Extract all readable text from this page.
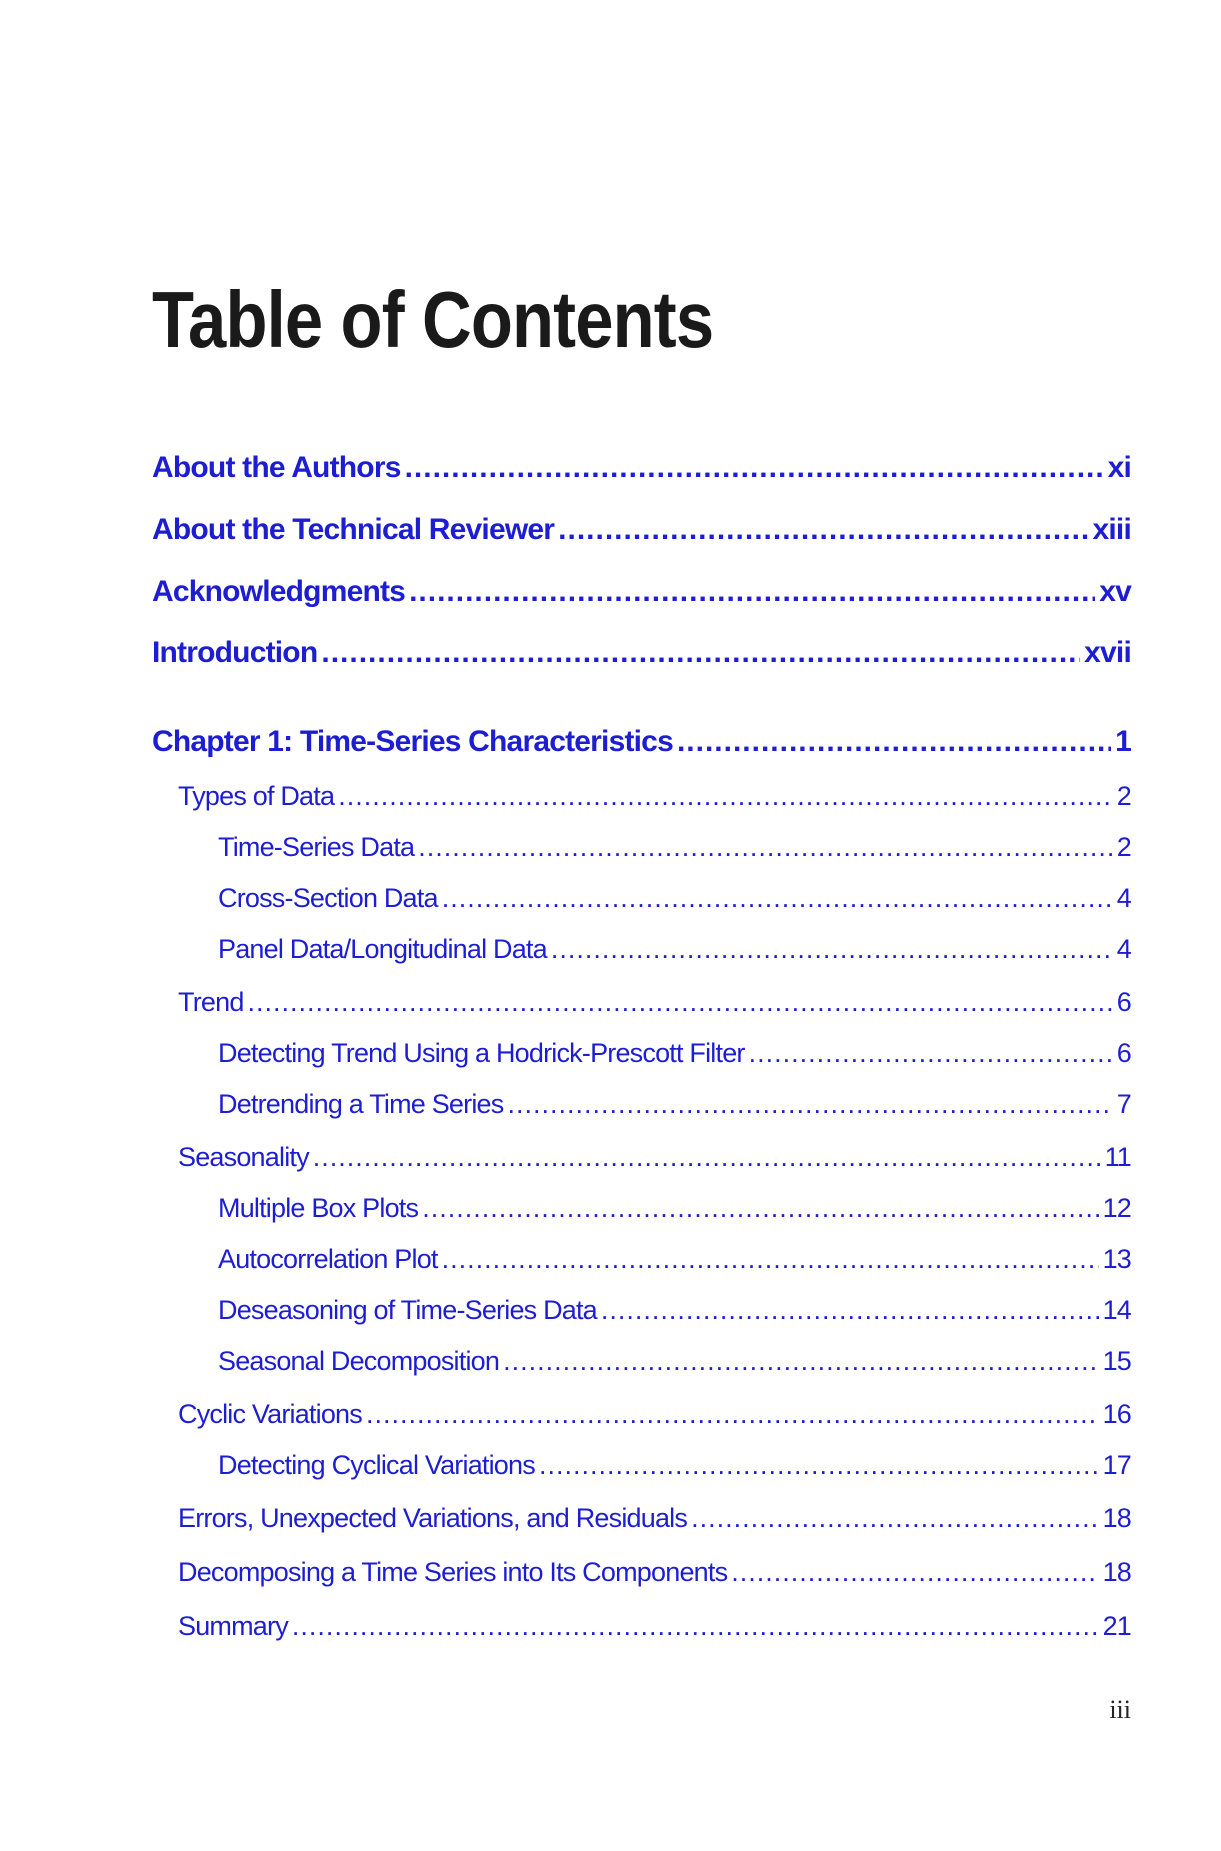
Table of Contents
About the Authors .....	xi
About the Technical Reviewer .....	xiii
Acknowledgments .....	xv
Introduction .....	xvii
Chapter 1: Time-Series Characteristics .....	1
Types of Data .....	2
Time-Series Data .....	2
Cross-Section Data .....	4
Panel Data/Longitudinal Data .....	4
Trend .....	6
Detecting Trend Using a Hodrick-Prescott Filter .....	6
Detrending a Time Series .....	7
Seasonality .....	11
Multiple Box Plots .....	12
Autocorrelation Plot .....	13
Deseasoning of Time-Series Data .....	14
Seasonal Decomposition .....	15
Cyclic Variations .....	16
Detecting Cyclical Variations .....	17
Errors, Unexpected Variations, and Residuals .....	18
Decomposing a Time Series into Its Components .....	18
Summary .....	21
iii
